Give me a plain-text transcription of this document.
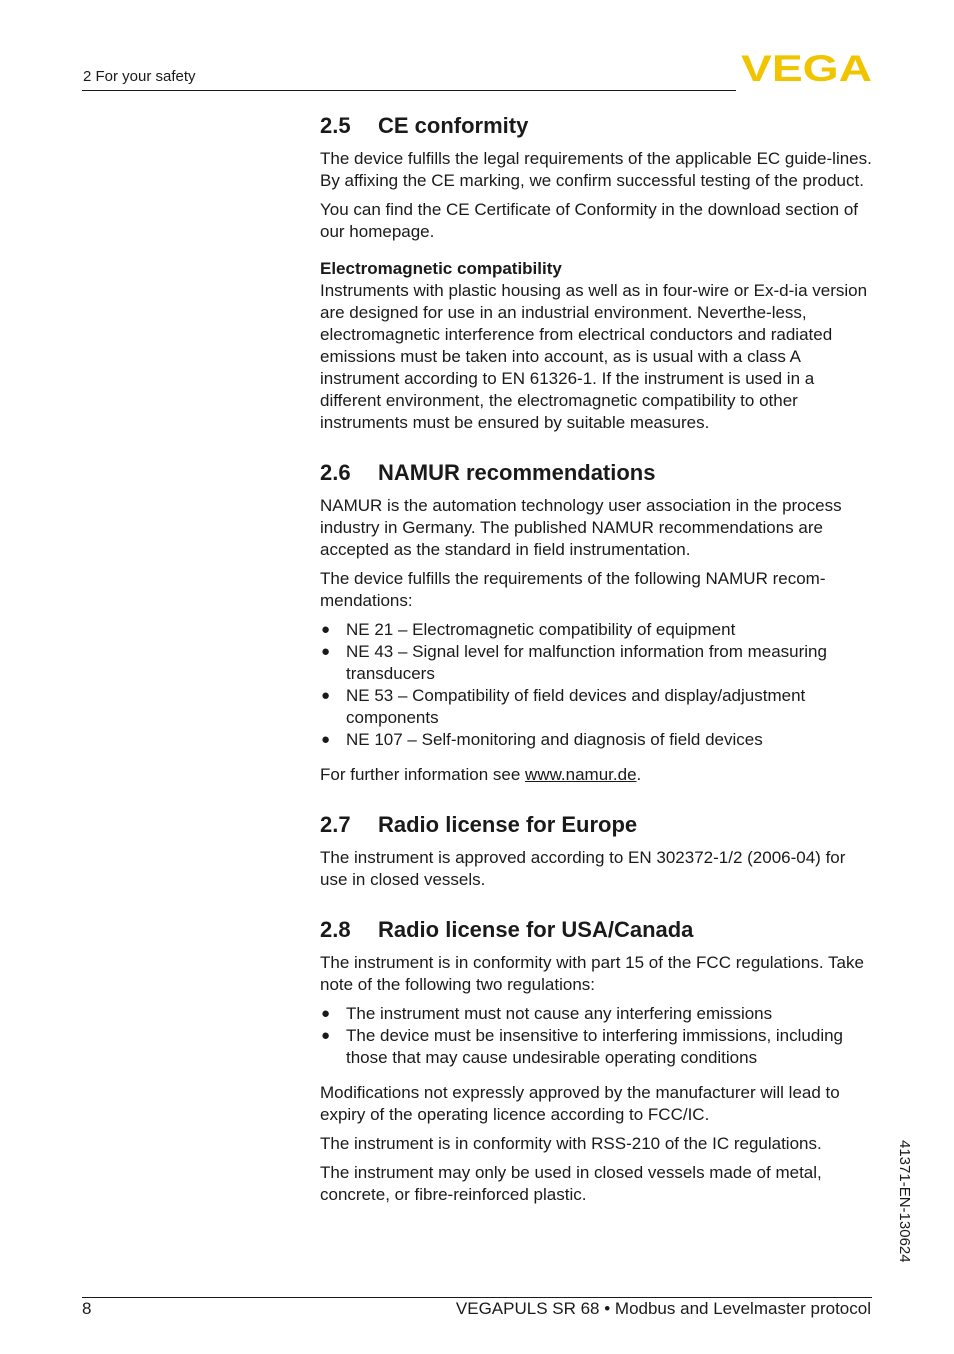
2 For your safety	VEGA
2.5 CE conformity

The device fulfills the legal requirements of the applicable EC guide-lines. By affixing the CE marking, we confirm successful testing of the product.

You can find the CE Certificate of Conformity in the download section of our homepage.

Electromagnetic compatibility

Instruments with plastic housing as well as in four-wire or Ex-d-ia version are designed for use in an industrial environment. Neverthe-less, electromagnetic interference from electrical conductors and radiated emissions must be taken into account, as is usual with a class A instrument according to EN 61326-1. If the instrument is used in a different environment, the electromagnetic compatibility to other instruments must be ensured by suitable measures.

2.6 NAMUR recommendations

NAMUR is the automation technology user association in the process industry in Germany. The published NAMUR recommendations are accepted as the standard in field instrumentation.

The device fulfills the requirements of the following NAMUR recom-mendations:

● NE 21 – Electromagnetic compatibility of equipment
● NE 43 – Signal level for malfunction information from measuring transducers
● NE 53 – Compatibility of field devices and display/adjustment components
● NE 107 – Self-monitoring and diagnosis of field devices

For further information see www.namur.de.

2.7 Radio license for Europe

The instrument is approved according to EN 302372-1/2 (2006-04) for use in closed vessels.

2.8 Radio license for USA/Canada

The instrument is in conformity with part 15 of the FCC regulations. Take note of the following two regulations:

● The instrument must not cause any interfering emissions
● The device must be insensitive to interfering immissions, including those that may cause undesirable operating conditions

Modifications not expressly approved by the manufacturer will lead to expiry of the operating licence according to FCC/IC.

The instrument is in conformity with RSS-210 of the IC regulations.

The instrument may only be used in closed vessels made of metal, concrete, or fibre-reinforced plastic.	41371-EN-130624
8	VEGAPULS SR 68 • Modbus and Levelmaster protocol
